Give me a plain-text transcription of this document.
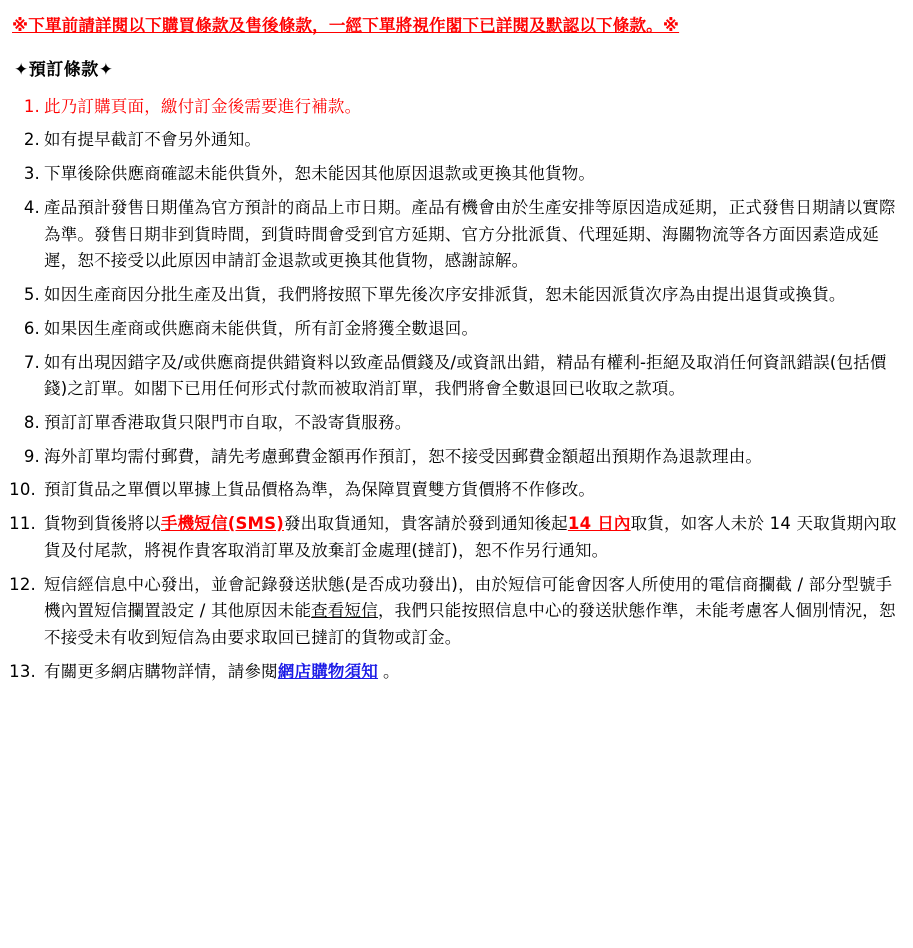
※下單前請詳閱以下購買條款及售後條款，一經下單將視作閣下已詳閱及默認以下條款。※
✦預訂條款✦
此乃訂購頁面，繳付訂金後需要進行補款。
如有提早截訂不會另外通知。
下單後除供應商確認未能供貨外，恕未能因其他原因退款或更換其他貨物。
產品預計發售日期僅為官方預計的商品上市日期。產品有機會由於生產安排等原因造成延期，正式發售日期請以實際為準。發售日期非到貨時間，到貨時間會受到官方延期、官方分批派貨、代理延期、海關物流等各方面因素造成延遲，恕不接受以此原因申請訂金退款或更換其他貨物，感謝諒解。
如因生產商因分批生產及出貨，我們將按照下單先後次序安排派貨，恕未能因派貨次序為由提出退貨或換貨。
如果因生產商或供應商未能供貨，所有訂金將獲全數退回。
如有出現因錯字及/或供應商提供錯資料以致產品價錢及/或資訊出錯，精品有權利-拒絕及取消任何資訊錯誤(包括價錢)之訂單。如閣下已用任何形式付款而被取消訂單，我們將會全數退回已收取之款項。
預訂訂單香港取貨只限門市自取，不設寄貨服務。
海外訂單均需付郵費，請先考慮郵費金額再作預訂，恕不接受因郵費金額超出預期作為退款理由。
預訂貨品之單價以單據上貨品價格為準，為保障買賣雙方貨價將不作修改。
貨物到貨後將以手機短信(SMS)發出取貨通知，貴客請於發到通知後起14 日內取貨，如客人未於 14 天取貨期內取貨及付尾款，將視作貴客取消訂單及放棄訂金處理(撻訂)，恕不作另行通知。
短信經信息中心發出，並會記錄發送狀態(是否成功發出)，由於短信可能會因客人所使用的電信商攔截 / 部分型號手機內置短信攔置設定 / 其他原因未能查看短信，我們只能按照信息中心的發送狀態作準，未能考慮客人個別情況，恕不接受未有收到短信為由要求取回已撻訂的貨物或訂金。
有關更多網店購物詳情，請參閱網店購物須知 。
